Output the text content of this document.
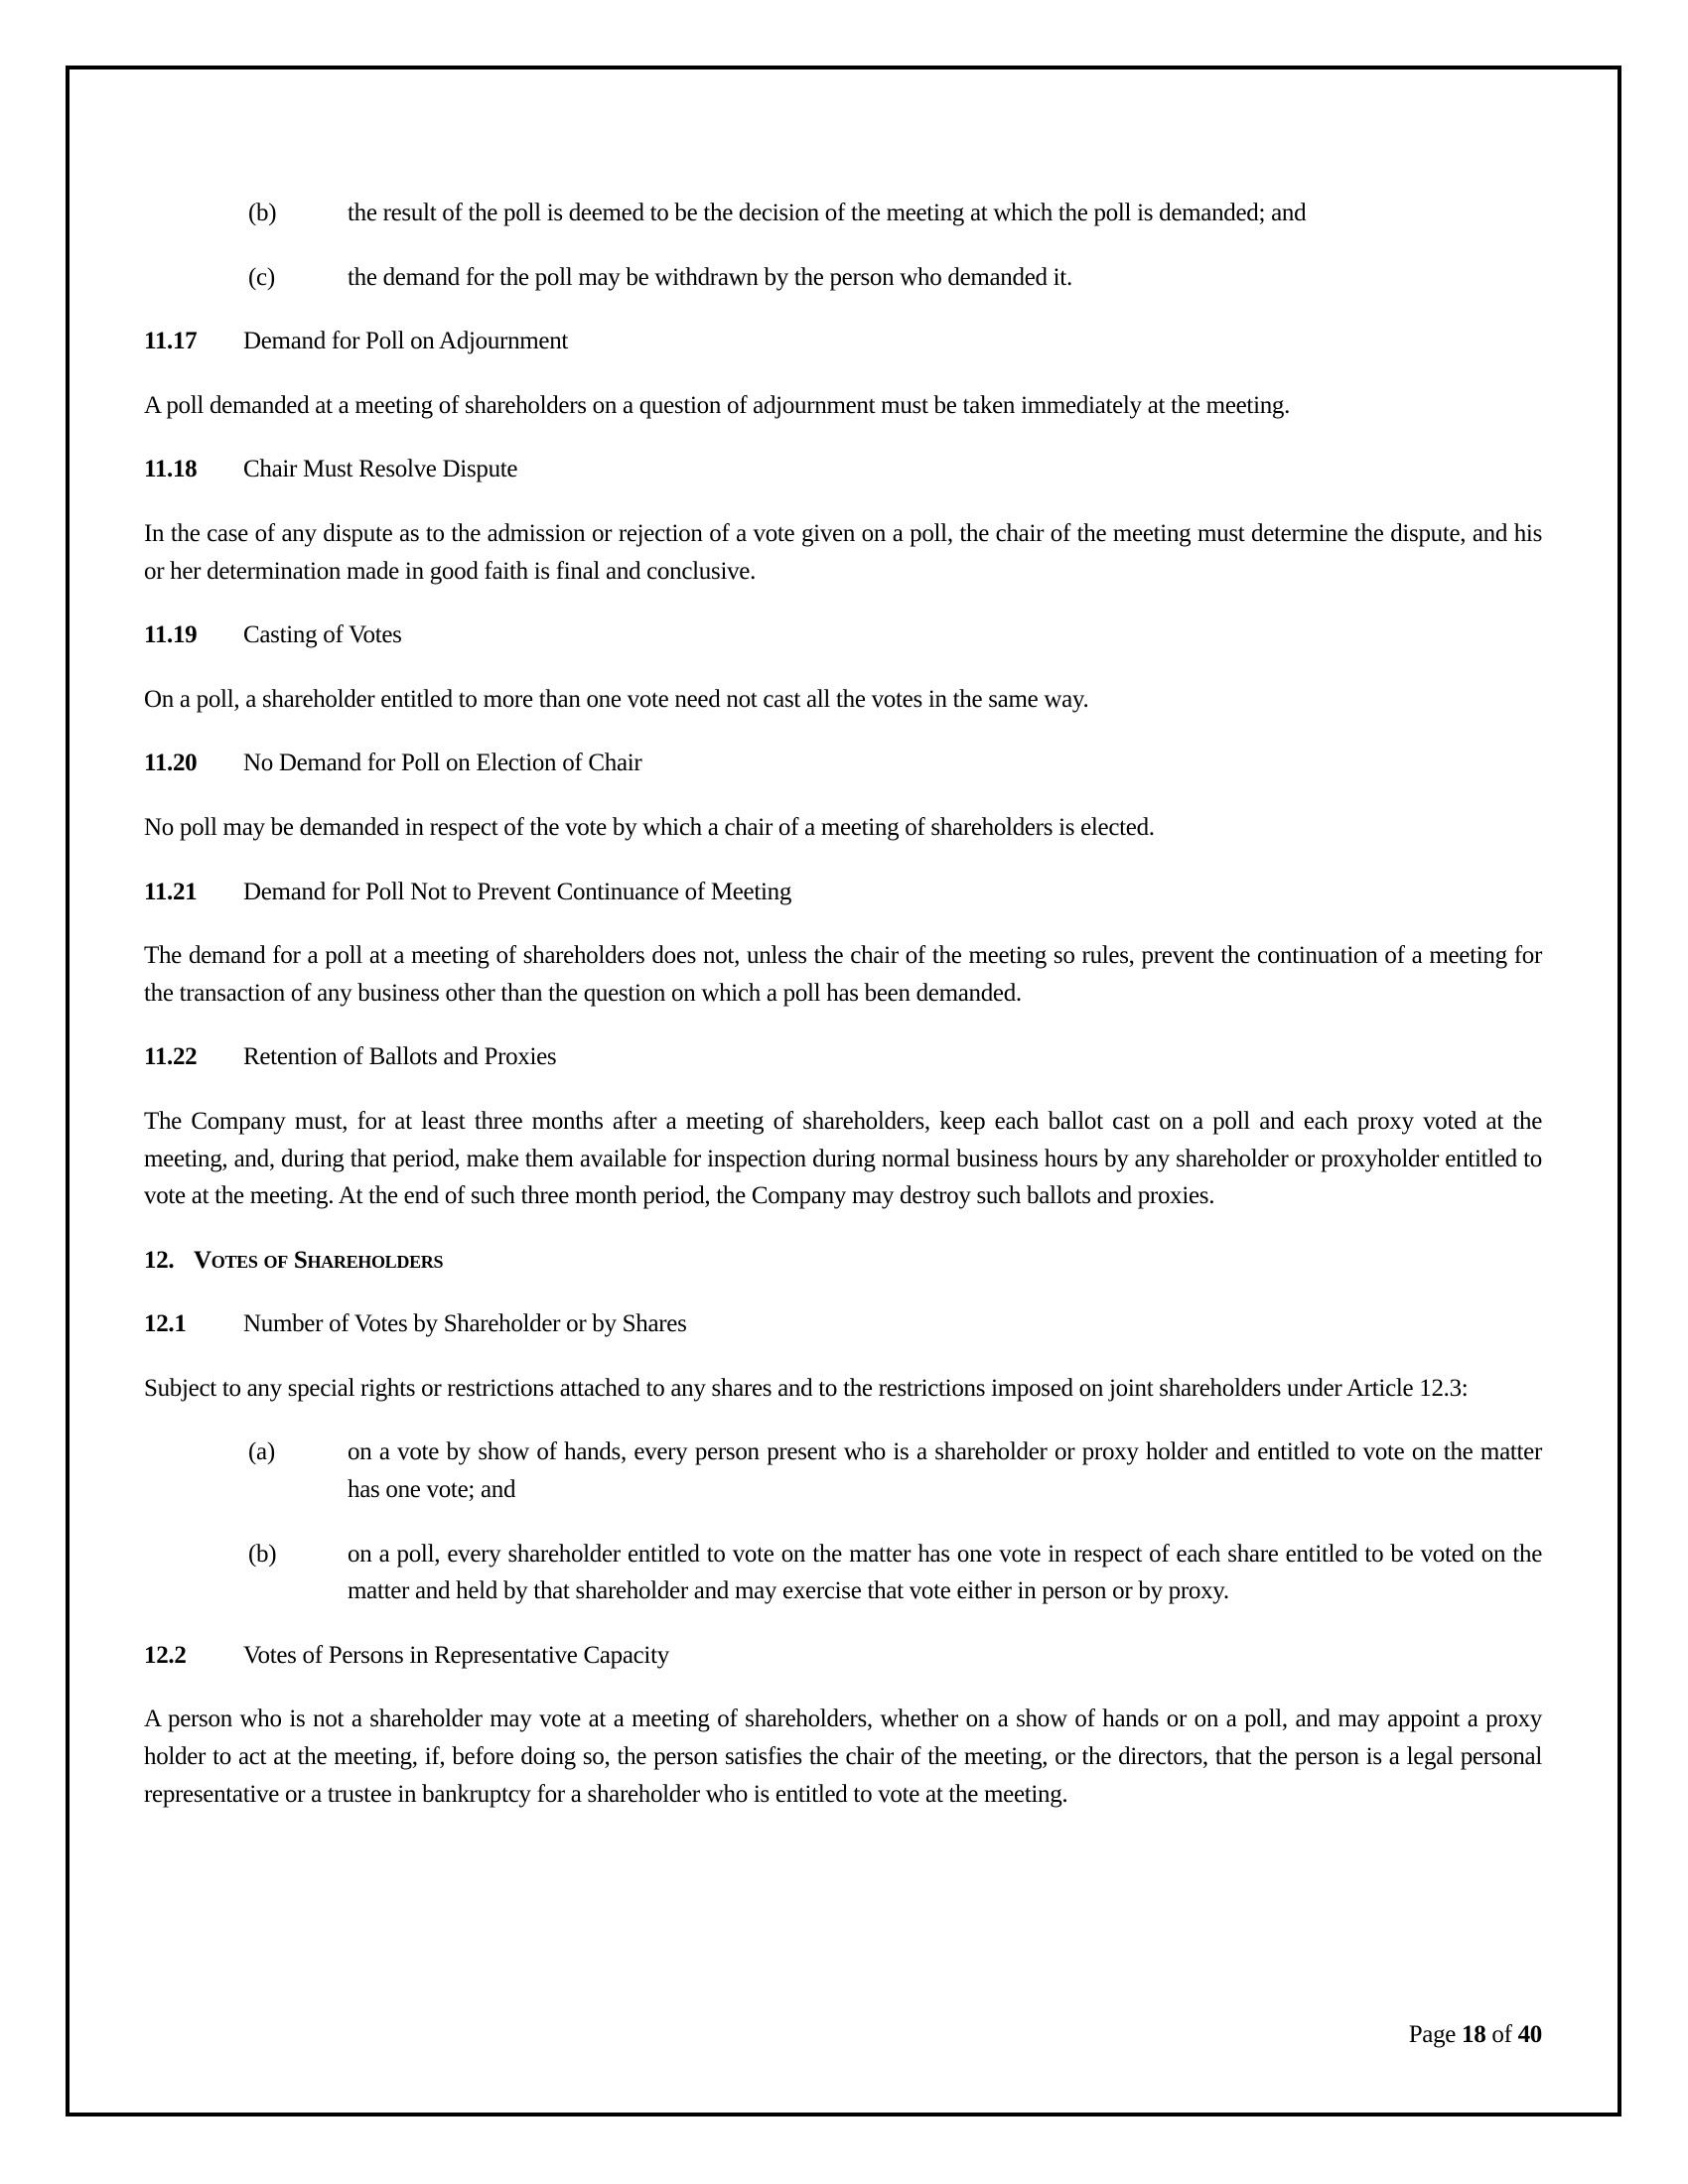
(b)	the result of the poll is deemed to be the decision of the meeting at which the poll is demanded; and
(c)	the demand for the poll may be withdrawn by the person who demanded it.
11.17	Demand for Poll on Adjournment

A poll demanded at a meeting of shareholders on a question of adjournment must be taken immediately at the meeting.

11.18	Chair Must Resolve Dispute

In the case of any dispute as to the admission or rejection of a vote given on a poll, the chair of the meeting must determine the dispute, and his or her determination made in good faith is final and conclusive.

11.19	Casting of Votes

On a poll, a shareholder entitled to more than one vote need not cast all the votes in the same way.

11.20	No Demand for Poll on Election of Chair

No poll may be demanded in respect of the vote by which a chair of a meeting of shareholders is elected.

11.21	Demand for Poll Not to Prevent Continuance of Meeting

The demand for a poll at a meeting of shareholders does not, unless the chair of the meeting so rules, prevent the continuation of a meeting for the transaction of any business other than the question on which a poll has been demanded.

11.22	Retention of Ballots and Proxies

The Company must, for at least three months after a meeting of shareholders, keep each ballot cast on a poll and each proxy voted at the meeting, and, during that period, make them available for inspection during normal business hours by any shareholder or proxyholder entitled to vote at the meeting. At the end of such three month period, the Company may destroy such ballots and proxies.

12. Votes of Shareholders
12.1	Number of Votes by Shareholder or by Shares

Subject to any special rights or restrictions attached to any shares and to the restrictions imposed on joint shareholders under Article 12.3:

(a)	on a vote by show of hands, every person present who is a shareholder or proxy holder and entitled to vote on the matter has one vote; and
(b)	on a poll, every shareholder entitled to vote on the matter has one vote in respect of each share entitled to be voted on the matter and held by that shareholder and may exercise that vote either in person or by proxy.
12.2	Votes of Persons in Representative Capacity

A person who is not a shareholder may vote at a meeting of shareholders, whether on a show of hands or on a poll, and may appoint a proxy holder to act at the meeting, if, before doing so, the person satisfies the chair of the meeting, or the directors, that the person is a legal personal representative or a trustee in bankruptcy for a shareholder who is entitled to vote at the meeting.

Page 18 of 40
